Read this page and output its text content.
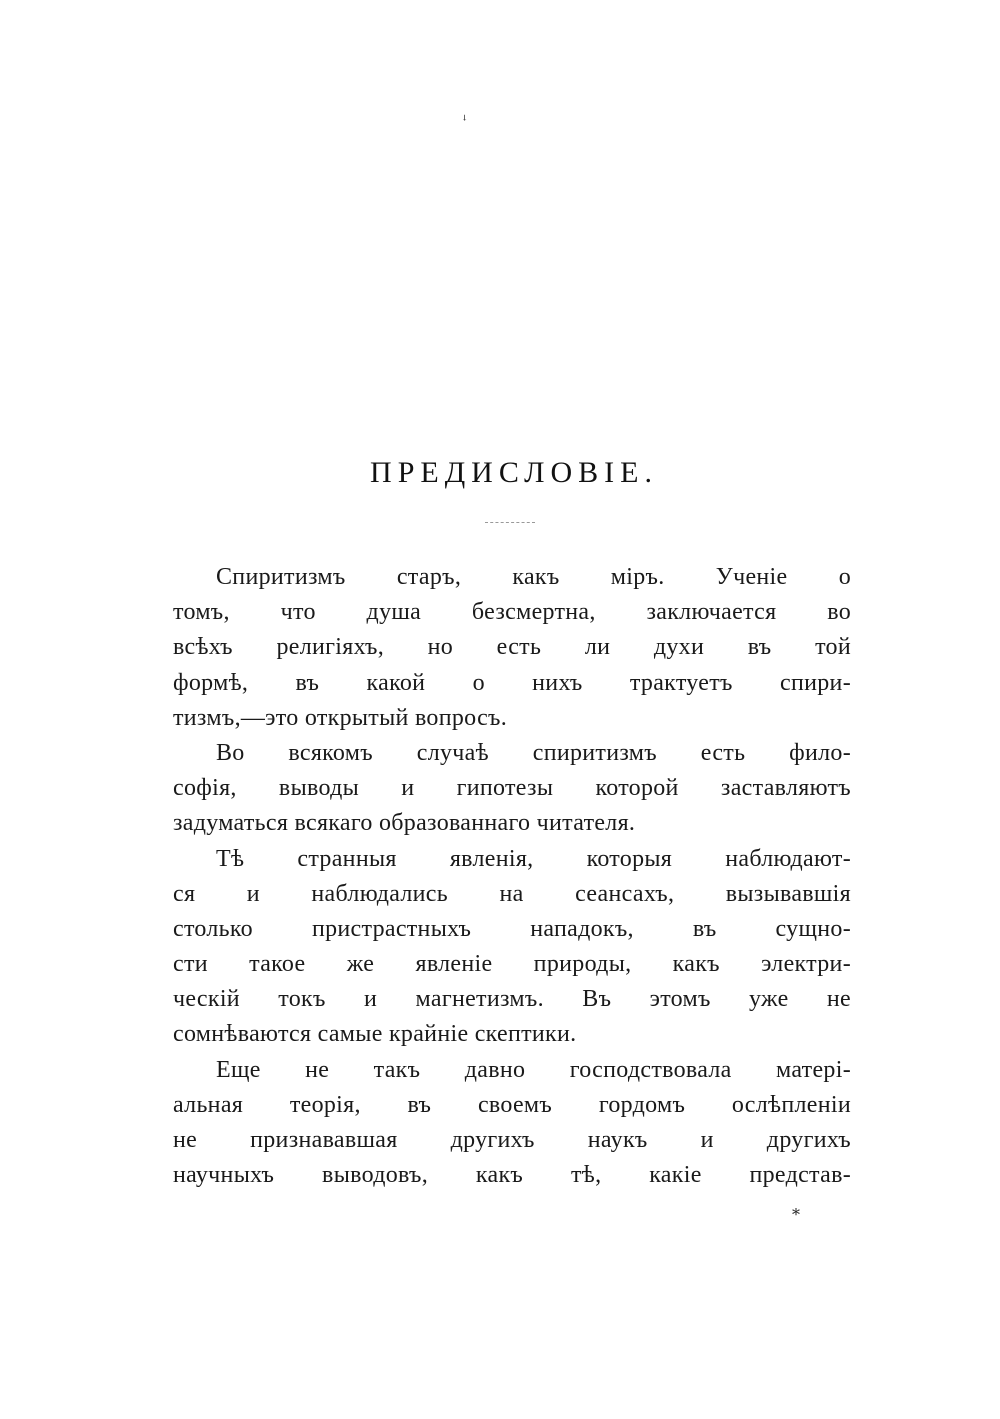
ꜜ
ПРЕДИСЛОВІЕ.
Спиритизмъ старъ, какъ міръ. Ученіе о
томъ, что душа безсмертна, заключается во
всѣхъ религіяхъ, но есть ли духи въ той
формѣ, въ какой о нихъ трактуетъ спири-
тизмъ,—это открытый вопросъ.
Во всякомъ случаѣ спиритизмъ есть фило-
софія, выводы и гипотезы которой заставляютъ
задуматься всякаго образованнаго читателя.
Тѣ странныя явленія, которыя наблюдают-
ся и наблюдались на сеансахъ, вызывавшія
столько пристрастныхъ нападокъ, въ сущно-
сти такое же явленіе природы, какъ электри-
ческій токъ и магнетизмъ. Въ этомъ уже не
сомнѣваются самые крайніе скептики.
Еще не такъ давно господствовала матері-
альная теорія, въ своемъ гордомъ ослѣпленіи
не признававшая другихъ наукъ и другихъ
научныхъ выводовъ, какъ тѣ, какіе представ-
*
